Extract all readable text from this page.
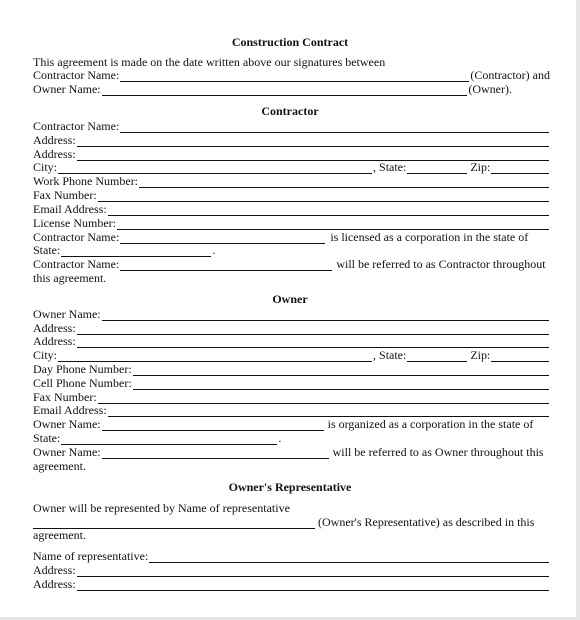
Construction Contract
This agreement is made on the date written above our signatures between
Contractor Name:	(Contractor) and
Owner Name:	(Owner).
Contractor
Contractor Name:
Address:
Address:
City:	, State:	Zip:
Work Phone Number:
Fax Number:
Email Address:
License Number:
Contractor Name:	is licensed as a corporation in the state of
State:	.
Contractor Name:	will be referred to as Contractor throughout
this agreement.
Owner
Owner Name:
Address:
Address:
City:	, State:	Zip:
Day Phone Number:
Cell Phone Number:
Fax Number:
Email Address:
Owner Name:	is organized as a corporation in the state of
State:	.
Owner Name:	will be referred to as Owner throughout this
agreement.
Owner's Representative
Owner will be represented by Name of representative
(Owner's Representative) as described in this
agreement.
Name of representative:
Address:
Address:
